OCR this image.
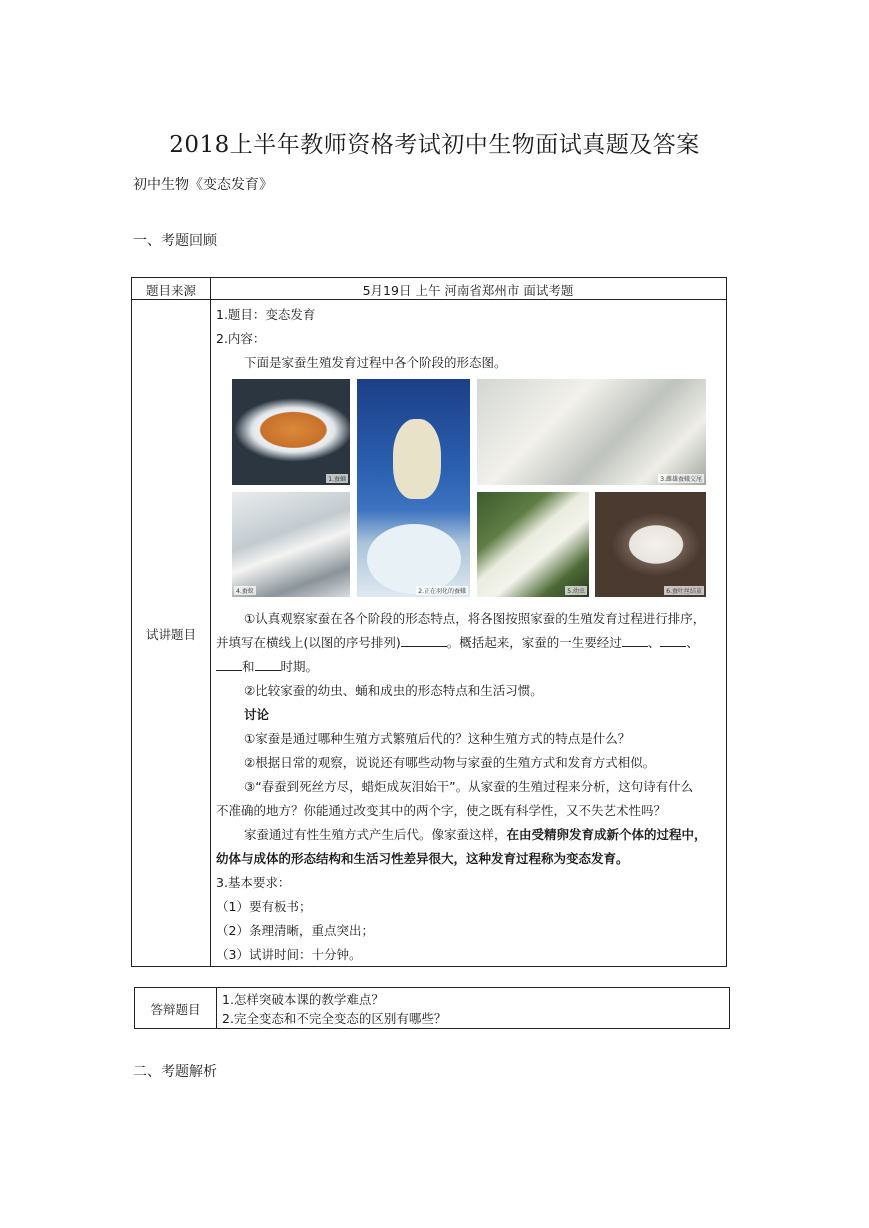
2018上半年教师资格考试初中生物面试真题及答案
初中生物《变态发育》
一、考题回顾
题目来源	5月19日 上午 河南省郑州市 面试考题
试讲题目
1.题目：变态发育
2.内容：
下面是家蚕生殖发育过程中各个阶段的形态图。
1.蚕蛹
2.正在羽化的蚕蛾
3.雌雄蚕蛾交尾
4.蚕蚁	5.幼虫	6.蚕吐丝结茧
①认真观察家蚕在各个阶段的形态特点，将各图按照家蚕的生殖发育过程进行排序，
并填写在横线上(以图的序号排列)	。概括起来，家蚕的一生要经过 、 、
和 时期。
②比较家蚕的幼虫、蛹和成虫的形态特点和生活习惯。
讨论
①家蚕是通过哪种生殖方式繁殖后代的？这种生殖方式的特点是什么？
②根据日常的观察，说说还有哪些动物与家蚕的生殖方式和发育方式相似。
③“春蚕到死丝方尽，蜡炬成灰泪始干”。从家蚕的生殖过程来分析，这句诗有什么
不准确的地方？你能通过改变其中的两个字，使之既有科学性，又不失艺术性吗？
家蚕通过有性生殖方式产生后代。像家蚕这样，在由受精卵发育成新个体的过程中，
幼体与成体的形态结构和生活习性差异很大，这种发育过程称为变态发育。
3.基本要求：
（1）要有板书；
（2）条理清晰，重点突出；
（3）试讲时间：十分钟。
答辩题目
1.怎样突破本课的教学难点？
2.完全变态和不完全变态的区别有哪些？
二、考题解析
